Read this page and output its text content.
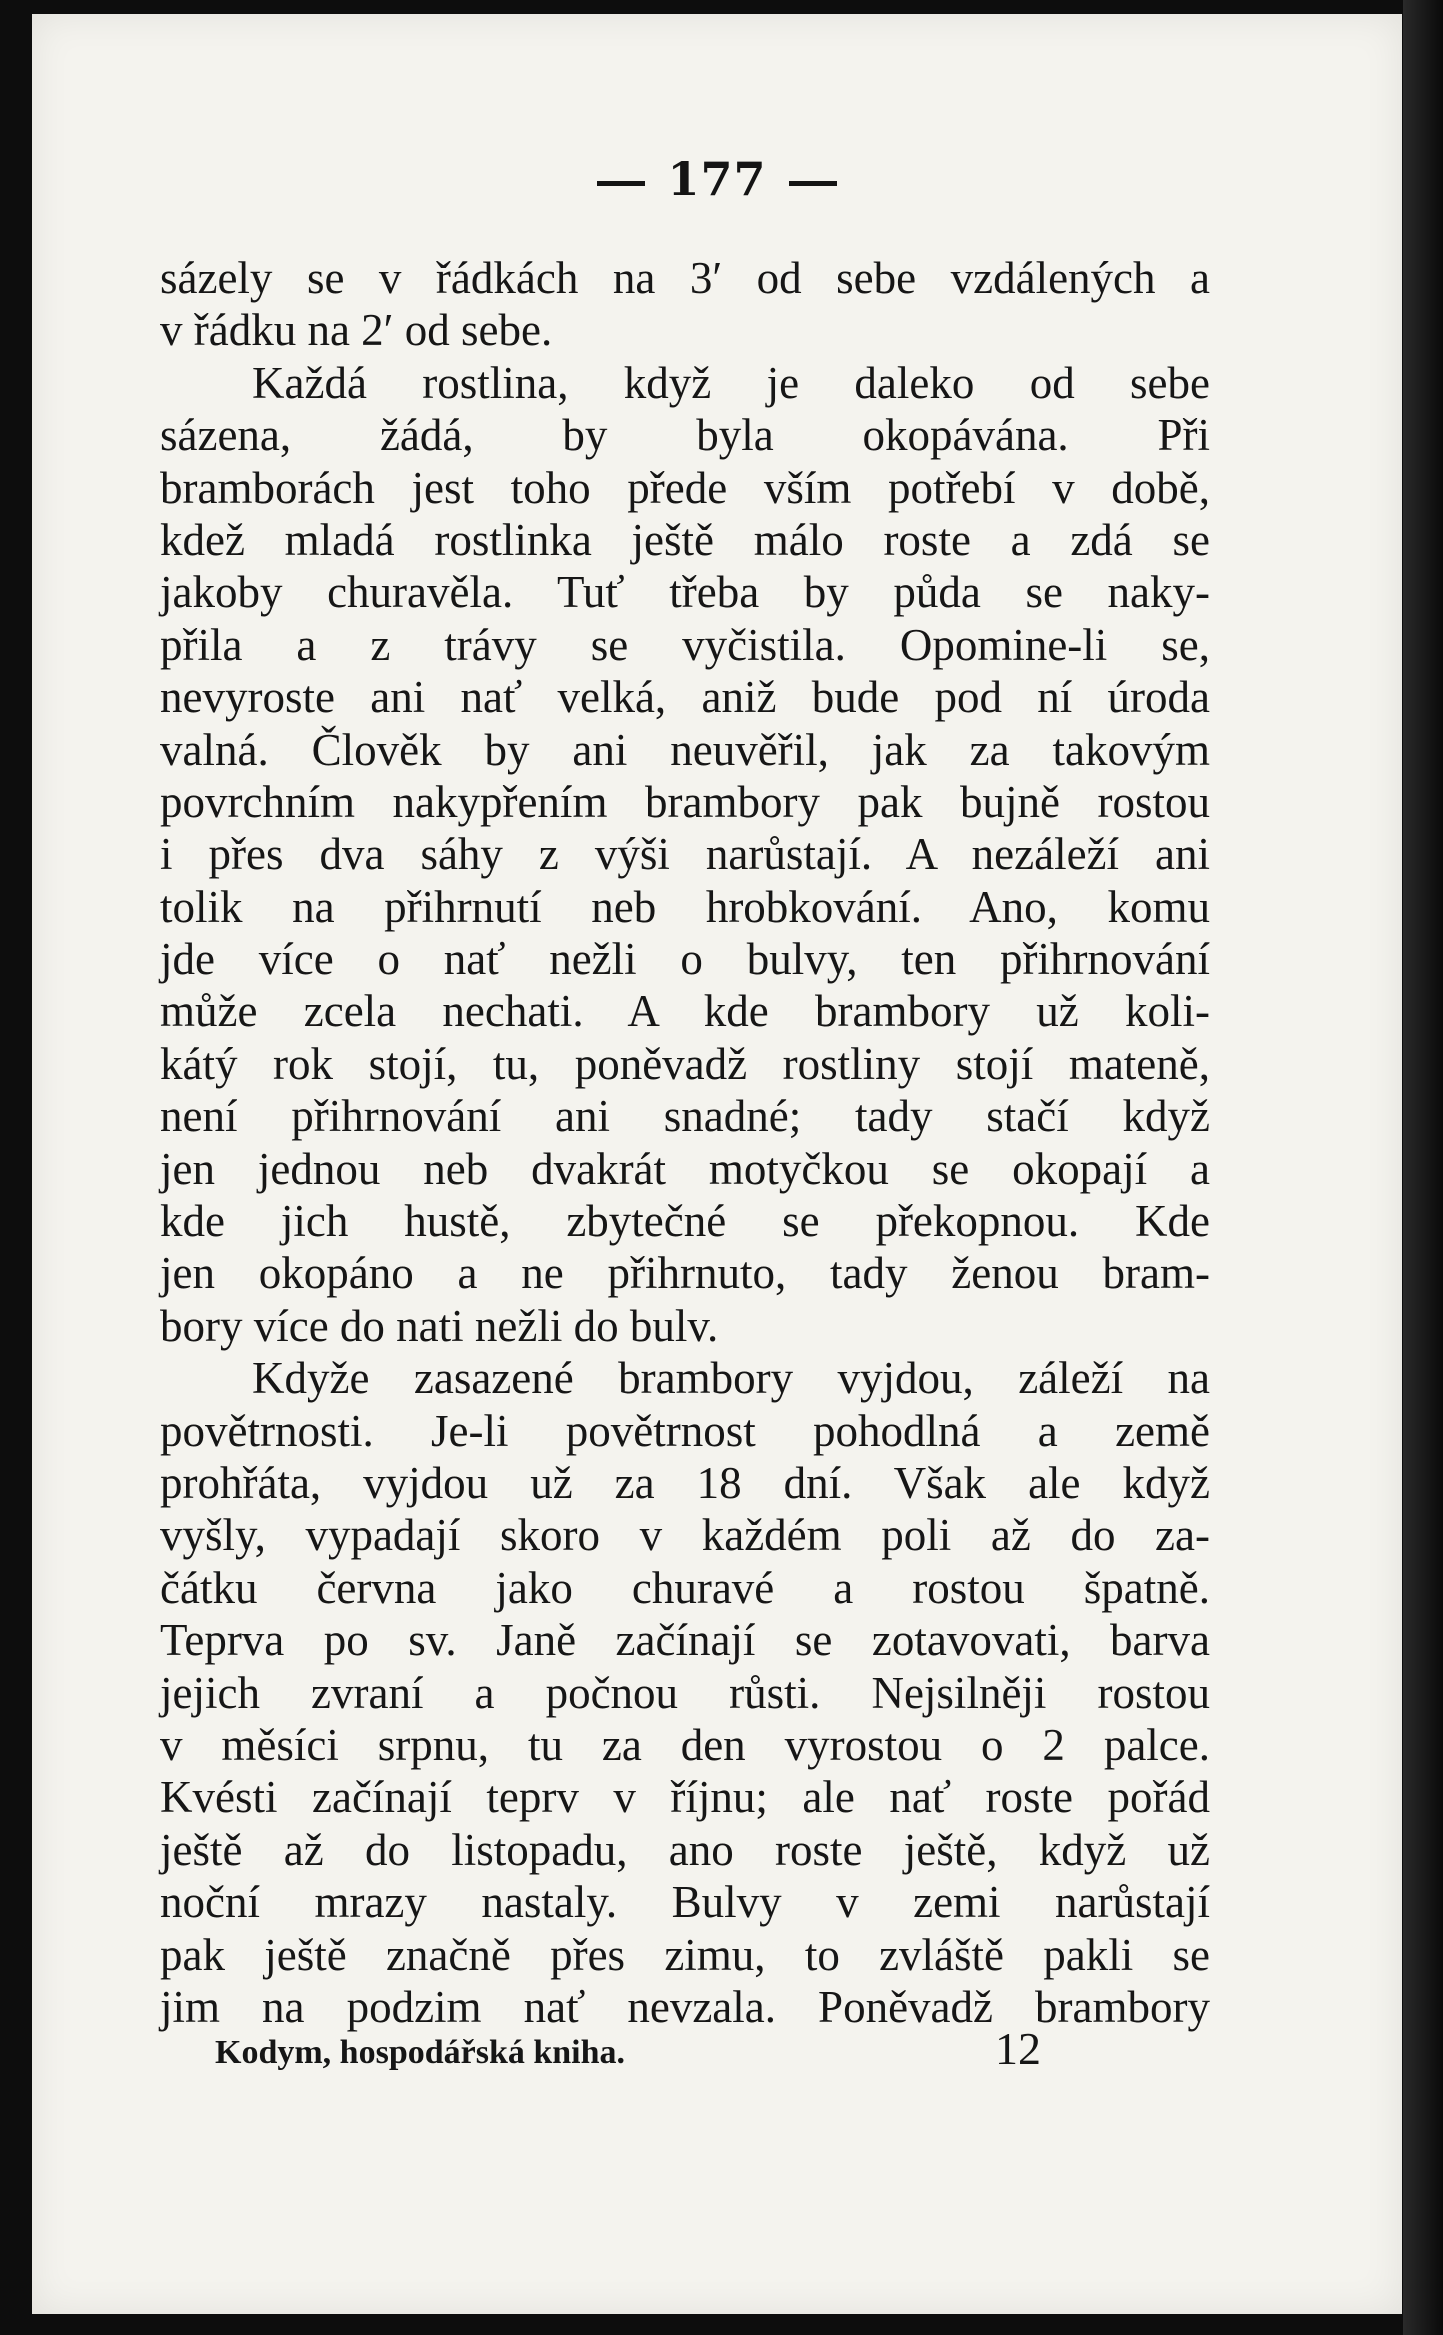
177
sázely se v řádkách na 3′ od sebe vzdálených a
v řádku na 2′ od sebe.
Každá rostlina, když je daleko od sebe
sázena, žádá, by byla okopávána. Při
bramborách jest toho přede vším potřebí v době,
kdež mladá rostlinka ještě málo roste a zdá se
jakoby churavěla. Tuť třeba by půda se naky-
přila a z trávy se vyčistila. Opomine-li se,
nevyroste ani nať velká, aniž bude pod ní úroda
valná. Člověk by ani neuvěřil, jak za takovým
povrchním nakypřením brambory pak bujně rostou
i přes dva sáhy z výši narůstají. A nezáleží ani
tolik na přihrnutí neb hrobkování. Ano, komu
jde více o nať nežli o bulvy, ten přihrnování
může zcela nechati. A kde brambory už koli-
kátý rok stojí, tu, poněvadž rostliny stojí mateně,
není přihrnování ani snadné; tady stačí když
jen jednou neb dvakrát motyčkou se okopají a
kde jich hustě, zbytečné se překopnou. Kde
jen okopáno a ne přihrnuto, tady ženou bram-
bory více do nati nežli do bulv.
Kdyže zasazené brambory vyjdou, záleží na
povětrnosti. Je-li povětrnost pohodlná a země
prohřáta, vyjdou už za 18 dní. Však ale když
vyšly, vypadají skoro v každém poli až do za-
čátku června jako churavé a rostou špatně.
Teprva po sv. Janě začínají se zotavovati, barva
jejich zvraní a počnou růsti. Nejsilněji rostou
v měsíci srpnu, tu za den vyrostou o 2 palce.
Kvésti začínají teprv v říjnu; ale nať roste pořád
ještě až do listopadu, ano roste ještě, když už
noční mrazy nastaly. Bulvy v zemi narůstají
pak ještě značně přes zimu, to zvláště pakli se
jim na podzim nať nevzala. Poněvadž brambory
Kodym, hospodářská kniha.	12
